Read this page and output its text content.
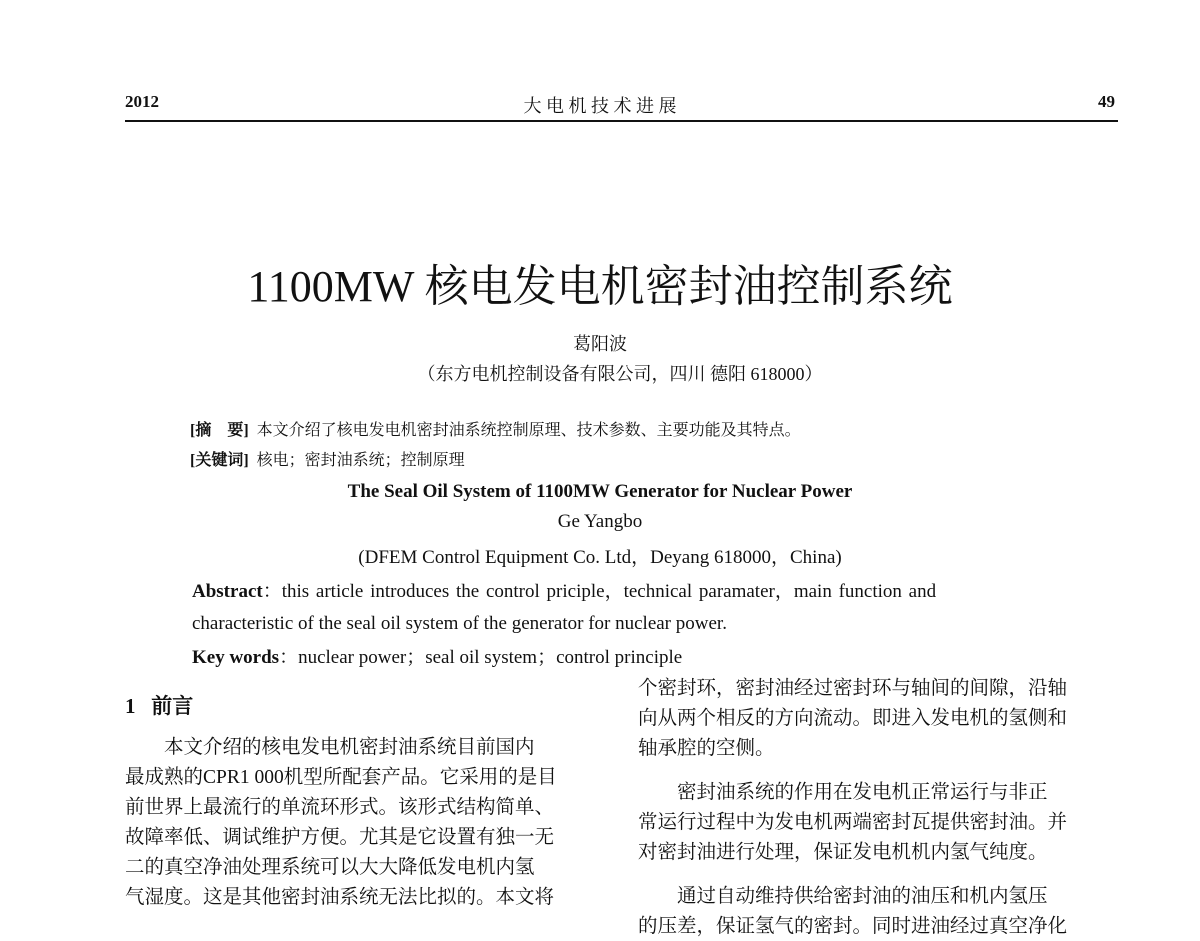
2012	大 电 机 技 术 进 展	49
1100MW 核电发电机密封油控制系统
葛阳波
（东方电机控制设备有限公司，四川 德阳 618000）
[摘　要] 本文介绍了核电发电机密封油系统控制原理、技术参数、主要功能及其特点。
[关键词] 核电；密封油系统；控制原理
The Seal Oil System of 1100MW Generator for Nuclear Power
Ge Yangbo
(DFEM Control Equipment Co. Ltd，Deyang 618000，China)
Abstract：this article introduces the control priciple，technical paramater，main function and
characteristic of the seal oil system of the generator for nuclear power.
Key words：nuclear power；seal oil system；control principle
1 前言
本文介绍的核电发电机密封油系统目前国内
最成熟的CPR1 000机型所配套产品。它采用的是目
前世界上最流行的单流环形式。该形式结构简单、
故障率低、调试维护方便。尤其是它设置有独一无
二的真空净油处理系统可以大大降低发电机内氢
气湿度。这是其他密封油系统无法比拟的。本文将
个密封环，密封油经过密封环与轴间的间隙，沿轴
向从两个相反的方向流动。即进入发电机的氢侧和
轴承腔的空侧。
密封油系统的作用在发电机正常运行与非正
常运行过程中为发电机两端密封瓦提供密封油。并
对密封油进行处理，保证发电机机内氢气纯度。
通过自动维持供给密封油的油压和机内氢压
的压差，保证氢气的密封。同时进油经过真空净化
